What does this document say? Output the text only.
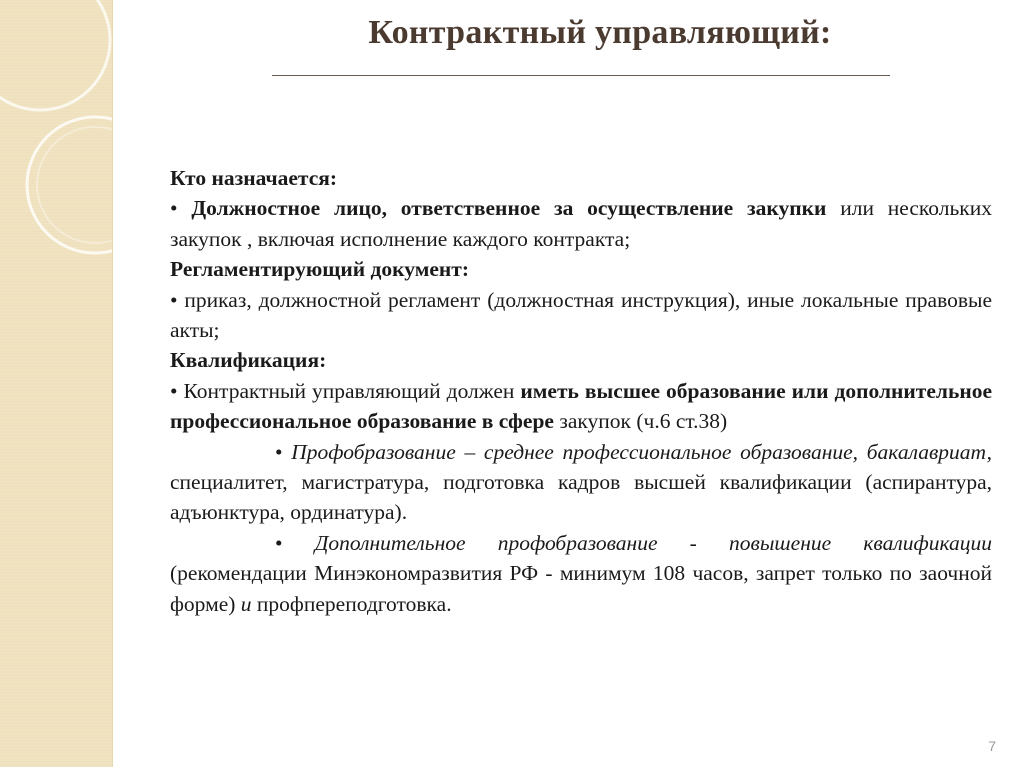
Контрактный управляющий:

Кто назначается:

• Должностное лицо, ответственное за осуществление закупки или нескольких закупок , включая исполнение каждого контракта;

Регламентирующий документ:

• приказ, должностной регламент (должностная инструкция), иные локальные правовые акты;

Квалификация:

• Контрактный управляющий должен иметь высшее образование или дополнительное профессиональное образование в сфере закупок (ч.6 ст.38)

• Профобразование – среднее профессиональное образование, бакалавриат, специалитет, магистратура, подготовка кадров высшей квалификации (аспирантура, адъюнктура, ординатура).

• Дополнительное профобразование - повышение квалификации (рекомендации Минэкономразвития РФ - минимум 108 часов, запрет только по заочной форме) и профпереподготовка.

7
